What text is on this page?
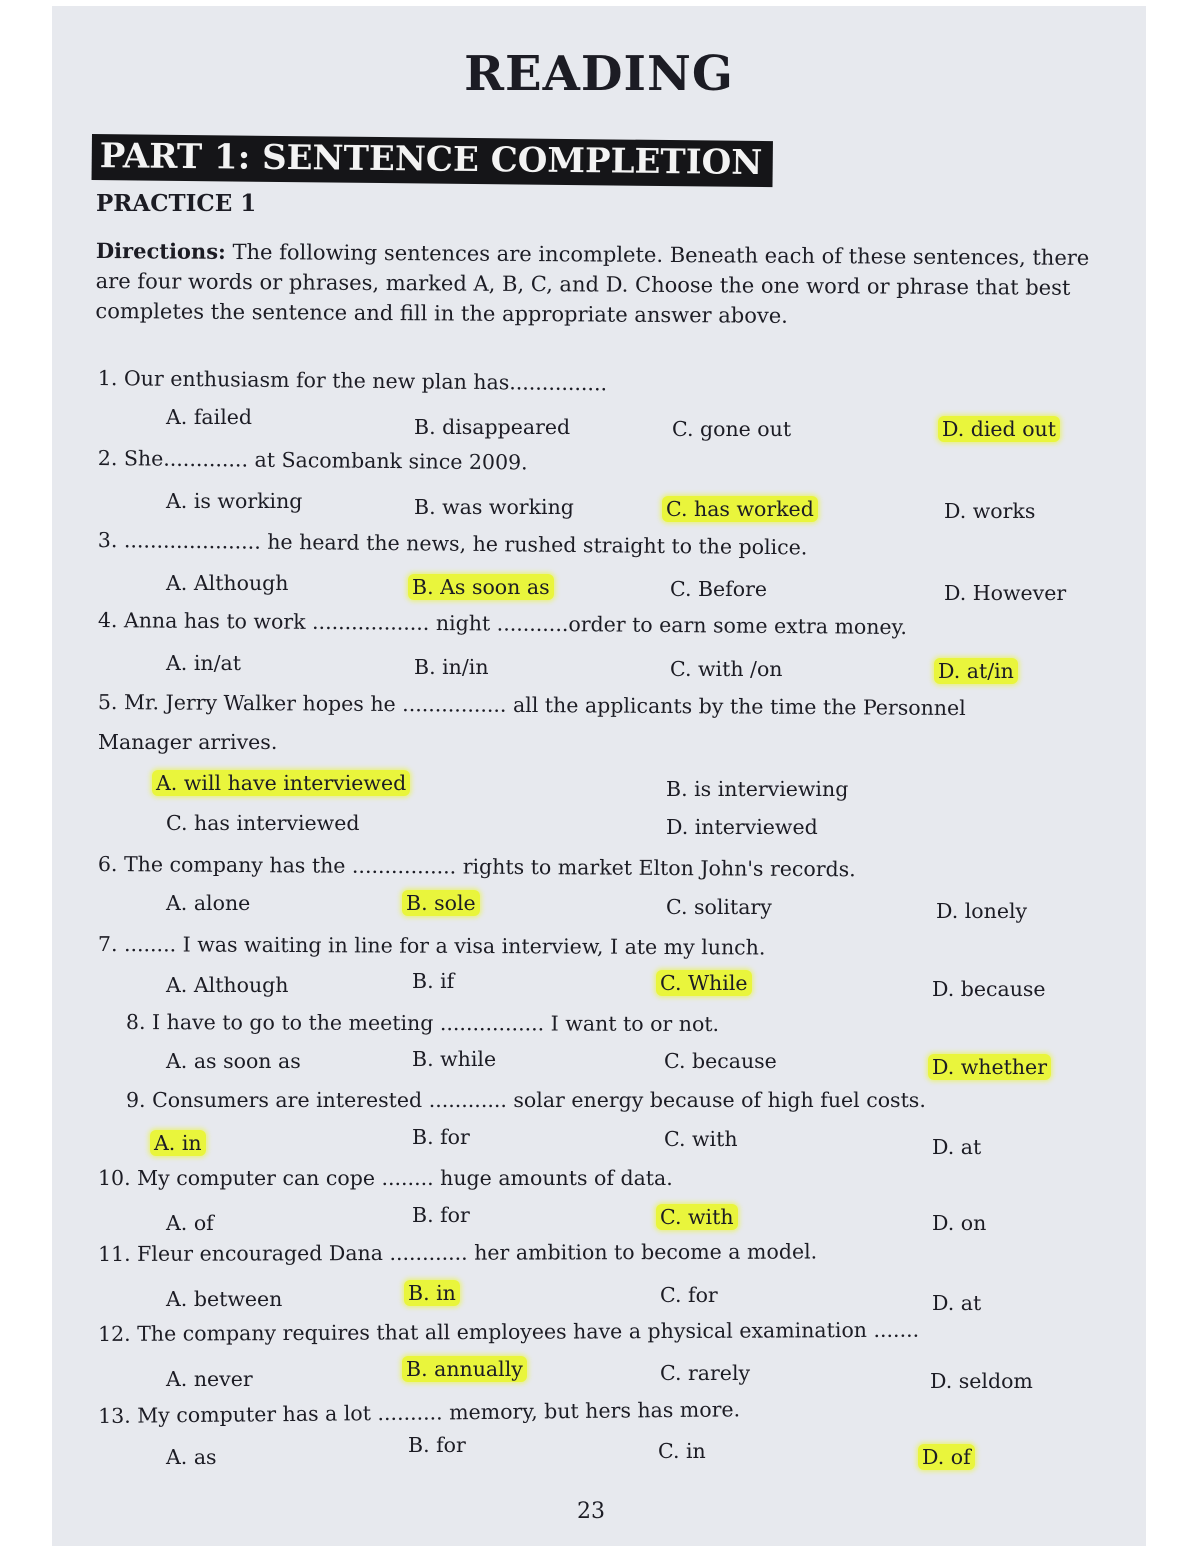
READING
PART 1: SENTENCE COMPLETION
PRACTICE 1
Directions: The following sentences are incomplete. Beneath each of these sentences, there are four words or phrases, marked A, B, C, and D. Choose the one word or phrase that best completes the sentence and fill in the appropriate answer above.
1. Our enthusiasm for the new plan has...............
A. failed	B. disappeared	C. gone out	D. died out
2. She............. at Sacombank since 2009.
A. is working	B. was working	C. has worked	D. works
3. ..................... he heard the news, he rushed straight to the police.
A. Although	B. As soon as	C. Before	D. However
4. Anna has to work .................. night ...........order to earn some extra money.
A. in/at	B. in/in	C. with /on	D. at/in
5. Mr. Jerry Walker hopes he ................ all the applicants by the time the Personnel
Manager arrives.
A. will have interviewed	B. is interviewing
C. has interviewed	D. interviewed
6. The company has the ................ rights to market Elton John's records.
A. alone	B. sole	C. solitary	D. lonely
7. ........ I was waiting in line for a visa interview, I ate my lunch.
A. Although	B. if	C. While	D. because
8. I have to go to the meeting ................ I want to or not.
A. as soon as	B. while	C. because	D. whether
9. Consumers are interested ............ solar energy because of high fuel costs.
A. in	B. for	C. with	D. at
10. My computer can cope ........ huge amounts of data.
A. of	B. for	C. with	D. on
11. Fleur encouraged Dana ............ her ambition to become a model.
A. between	B. in	C. for	D. at
12. The company requires that all employees have a physical examination .......
A. never	B. annually	C. rarely	D. seldom
13. My computer has a lot .......... memory, but hers has more.
A. as	B. for	C. in	D. of
23
